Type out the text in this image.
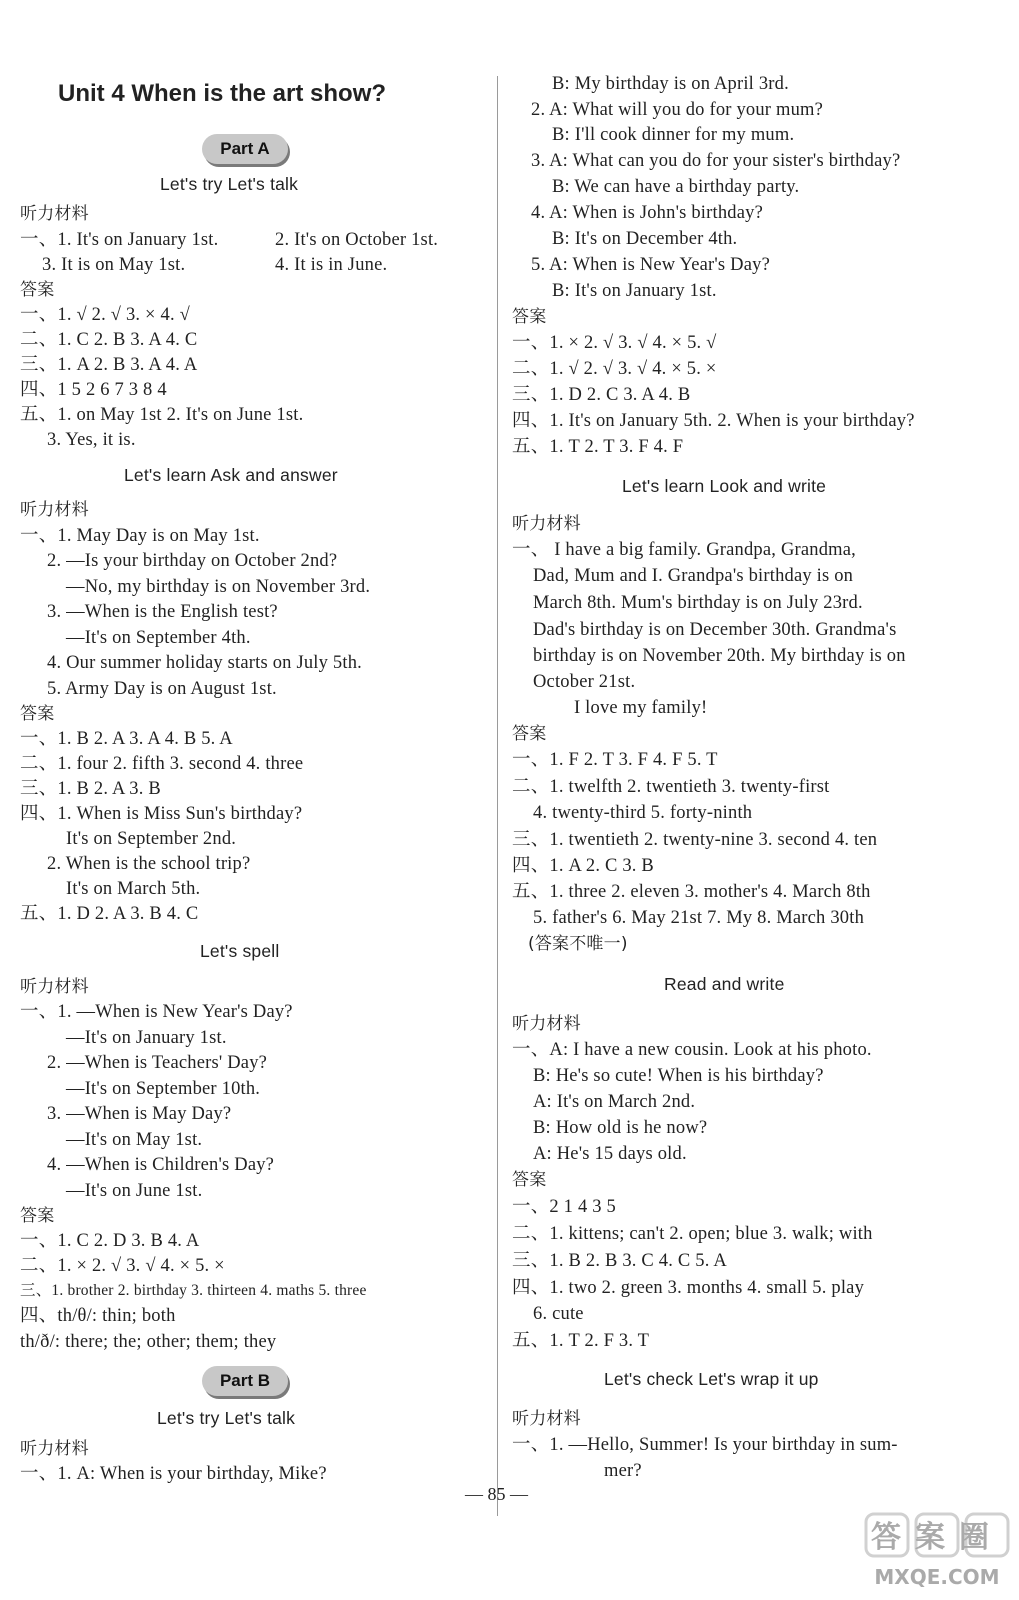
Unit 4 When is the art show?
Part A
Part B
Let's try Let's talk
听力材料
一、1. It's on January 1st.	2. It's on October 1st.
3. It is on May 1st.	4. It is in June.
答案
一、1. √ 2. √ 3. × 4. √
二、1. C 2. B 3. A 4. C
三、1. A 2. B 3. A 4. A
四、1 5 2 6 7 3 8 4
五、1. on May 1st 2. It's on June 1st.
3. Yes, it is.
Let's learn Ask and answer
听力材料
一、1. May Day is on May 1st.
2. —Is your birthday on October 2nd?
—No, my birthday is on November 3rd.
3. —When is the English test?
—It's on September 4th.
4. Our summer holiday starts on July 5th.
5. Army Day is on August 1st.
答案
一、1. B 2. A 3. A 4. B 5. A
二、1. four 2. fifth 3. second 4. three
三、1. B 2. A 3. B
四、1. When is Miss Sun's birthday?
It's on September 2nd.
2. When is the school trip?
It's on March 5th.
五、1. D 2. A 3. B 4. C
Let's spell
听力材料
一、1. —When is New Year's Day?
—It's on January 1st.
2. —When is Teachers' Day?
—It's on September 10th.
3. —When is May Day?
—It's on May 1st.
4. —When is Children's Day?
—It's on June 1st.
答案
一、1. C 2. D 3. B 4. A
二、1. × 2. √ 3. √ 4. × 5. ×
三、1. brother 2. birthday 3. thirteen 4. maths 5. three
四、th/θ/: thin; both
th/ð/: there; the; other; them; they
Let's try Let's talk
听力材料
一、1. A: When is your birthday, Mike?
B: My birthday is on April 3rd.
2. A: What will you do for your mum?
B: I'll cook dinner for my mum.
3. A: What can you do for your sister's birthday?
B: We can have a birthday party.
4. A: When is John's birthday?
B: It's on December 4th.
5. A: When is New Year's Day?
B: It's on January 1st.
答案
一、1. × 2. √ 3. √ 4. × 5. √
二、1. √ 2. √ 3. √ 4. × 5. ×
三、1. D 2. C 3. A 4. B
四、1. It's on January 5th. 2. When is your birthday?
五、1. T 2. T 3. F 4. F
Let's learn Look and write
听力材料
一、 I have a big family. Grandpa, Grandma,
Dad, Mum and I. Grandpa's birthday is on
March 8th. Mum's birthday is on July 23rd.
Dad's birthday is on December 30th. Grandma's
birthday is on November 20th. My birthday is on
October 21st.
I love my family!
答案
一、1. F 2. T 3. F 4. F 5. T
二、1. twelfth 2. twentieth 3. twenty-first
4. twenty-third 5. forty-ninth
三、1. twentieth 2. twenty-nine 3. second 4. ten
四、1. A 2. C 3. B
五、1. three 2. eleven 3. mother's 4. March 8th
5. father's 6. May 21st 7. My 8. March 30th
(答案不唯一)
Read and write
听力材料
一、A: I have a new cousin. Look at his photo.
B: He's so cute! When is his birthday?
A: It's on March 2nd.
B: How old is he now?
A: He's 15 days old.
答案
一、2 1 4 3 5
二、1. kittens; can't 2. open; blue 3. walk; with
三、1. B 2. B 3. C 4. C 5. A
四、1. two 2. green 3. months 4. small 5. play
6. cute
五、1. T 2. F 3. T
Let's check Let's wrap it up
听力材料
一、1. —Hello, Summer! Is your birthday in sum-
mer?
— 85 —
答案圈
MXQE.COM
